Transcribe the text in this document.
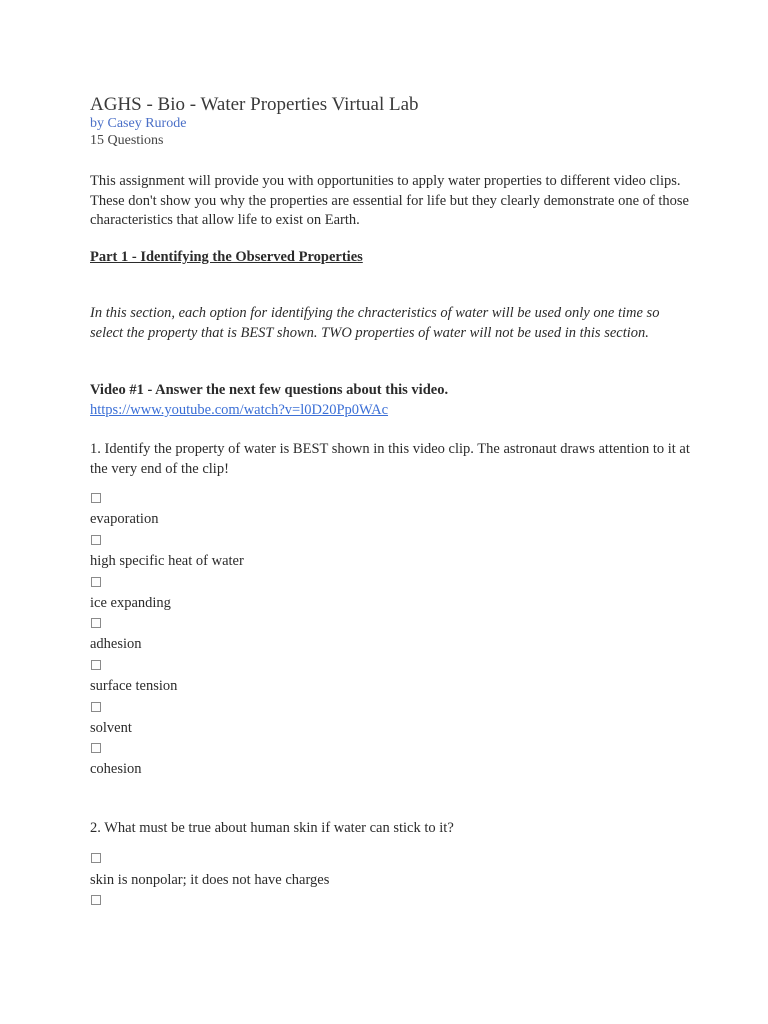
AGHS - Bio - Water Properties Virtual Lab
by Casey Rurode
15 Questions
This assignment will provide you with opportunities to apply water properties to different video clips. These don't show you why the properties are essential for life but they clearly demonstrate one of those characteristics that allow life to exist on Earth.
Part 1 - Identifying the Observed Properties
In this section, each option for identifying the chracteristics of water will be used only one time so select the property that is BEST shown. TWO properties of water will not be used in this section.
Video #1 - Answer the next few questions about this video.
https://www.youtube.com/watch?v=l0D20Pp0WAc
1. Identify the property of water is BEST shown in this video clip. The astronaut draws attention to it at the very end of the clip!
evaporation
high specific heat of water
ice expanding
adhesion
surface tension
solvent
cohesion
2. What must be true about human skin if water can stick to it?
skin is nonpolar; it does not have charges
